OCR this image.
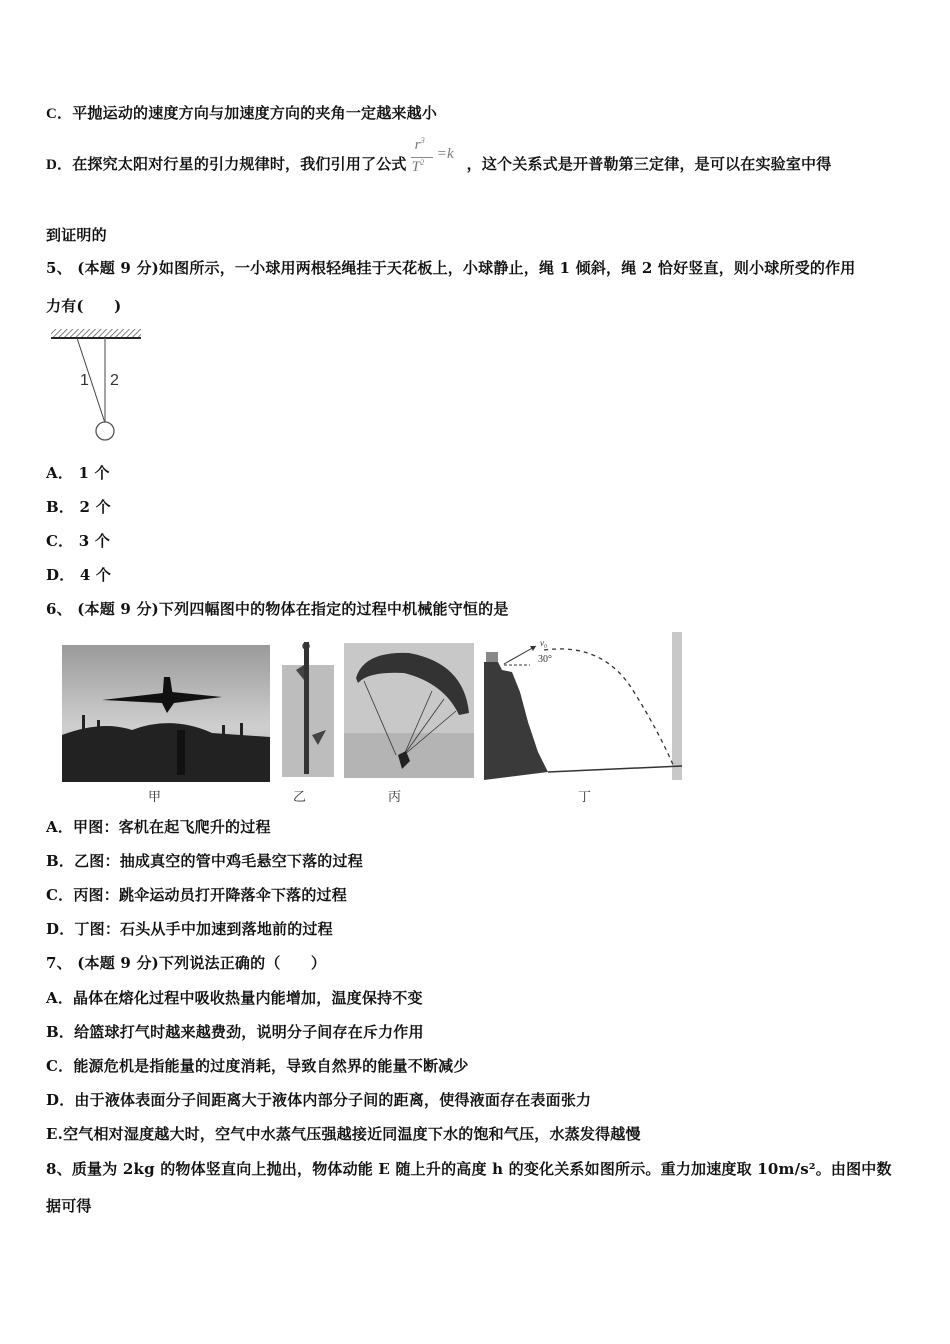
C．平抛运动的速度方向与加速度方向的夹角一定越来越小
D．在探究太阳对行星的引力规律时，我们引用了公式
$r^3$
$T^2$
=k
，这个关系式是开普勒第三定律，是可以在实验室中得
到证明的
5、 (本题 9 分)如图所示，一小球用两根轻绳挂于天花板上，小球静止，绳 1 倾斜，绳 2 恰好竖直，则小球所受的作用
力有(　　)
1 2
A． 1 个
B． 2 个
C． 3 个
D． 4 个
6、 (本题 9 分)下列四幅图中的物体在指定的过程中机械能守恒的是
甲	乙	丙
v₀
30°
丁
A．甲图：客机在起飞爬升的过程
B．乙图：抽成真空的管中鸡毛悬空下落的过程
C．丙图：跳伞运动员打开降落伞下落的过程
D．丁图：石头从手中加速到落地前的过程
7、 (本题 9 分)下列说法正确的（　　）
A．晶体在熔化过程中吸收热量内能增加，温度保持不变
B．给篮球打气时越来越费劲，说明分子间存在斥力作用
C．能源危机是指能量的过度消耗，导致自然界的能量不断减少
D．由于液体表面分子间距离大于液体内部分子间的距离，使得液面存在表面张力
E.空气相对湿度越大时，空气中水蒸气压强越接近同温度下水的饱和气压，水蒸发得越慢
8、质量为 2kg 的物体竖直向上抛出，物体动能 E 随上升的高度 h 的变化关系如图所示。重力加速度取 10m/s²。由图中数
据可得
